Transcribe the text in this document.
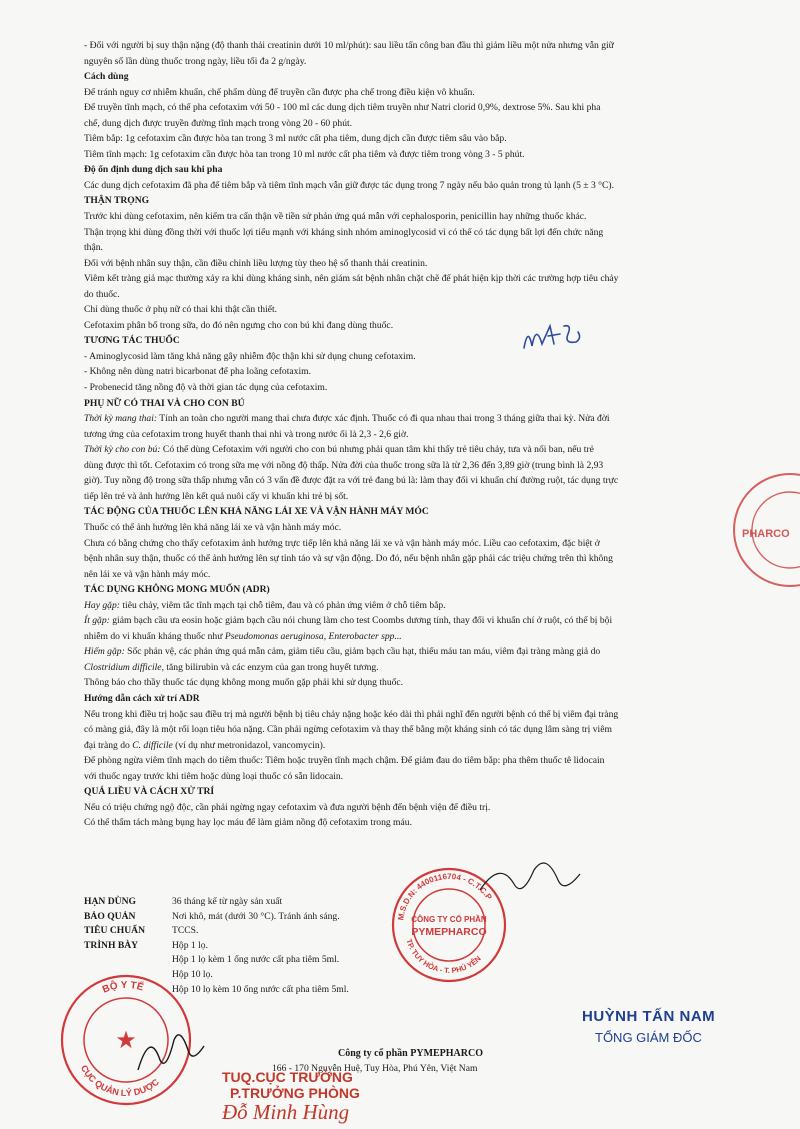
- Đối với người bị suy thận nặng (độ thanh thải creatinin dưới 10 ml/phút): sau liều tấn công ban đầu thì giảm liều một nửa nhưng vẫn giữ

nguyên số lần dùng thuốc trong ngày, liều tối đa 2 g/ngày.

Cách dùng

Để tránh nguy cơ nhiễm khuẩn, chế phẩm dùng để truyền cần được pha chế trong điều kiện vô khuẩn.

Để truyền tĩnh mạch, có thể pha cefotaxim với 50 - 100 ml các dung dịch tiêm truyền như Natri clorid 0,9%, dextrose 5%. Sau khi pha

chế, dung dịch được truyền đường tĩnh mạch trong vòng 20 - 60 phút.

Tiêm bắp: 1g cefotaxim cần được hòa tan trong 3 ml nước cất pha tiêm, dung dịch cần được tiêm sâu vào bắp.

Tiêm tĩnh mạch: 1g cefotaxim cần được hòa tan trong 10 ml nước cất pha tiêm và được tiêm trong vòng 3 - 5 phút.

Độ ổn định dung dịch sau khi pha

Các dung dịch cefotaxim đã pha để tiêm bắp và tiêm tĩnh mạch vẫn giữ được tác dụng trong 7 ngày nếu bảo quản trong tủ lạnh (5 ± 3 °C).

THẬN TRỌNG

Trước khi dùng cefotaxim, nên kiểm tra cẩn thận về tiền sử phản ứng quá mẫn với cephalosporin, penicillin hay những thuốc khác.

Thận trọng khi dùng đồng thời với thuốc lợi tiểu mạnh với kháng sinh nhóm aminoglycosid vì có thể có tác dụng bất lợi đến chức năng

thận.

Đối với bệnh nhân suy thận, cần điều chỉnh liều lượng tùy theo hệ số thanh thải creatinin.

Viêm kết tràng giả mạc thường xảy ra khi dùng kháng sinh, nên giám sát bệnh nhân chặt chẽ để phát hiện kịp thời các trường hợp tiêu chảy

do thuốc.

Chỉ dùng thuốc ở phụ nữ có thai khi thật cần thiết.

Cefotaxim phân bố trong sữa, do đó nên ngưng cho con bú khi đang dùng thuốc.

TƯƠNG TÁC THUỐC

- Aminoglycosid làm tăng khả năng gây nhiễm độc thận khi sử dụng chung cefotaxim.

- Không nên dùng natri bicarbonat để pha loãng cefotaxim.

- Probenecid tăng nồng độ và thời gian tác dụng của cefotaxim.

PHỤ NỮ CÓ THAI VÀ CHO CON BÚ

Thời kỳ mang thai: Tính an toàn cho người mang thai chưa được xác định. Thuốc có đi qua nhau thai trong 3 tháng giữa thai kỳ. Nửa đời

tương ứng của cefotaxim trong huyết thanh thai nhi và trong nước ối là 2,3 - 2,6 giờ.

Thời kỳ cho con bú: Có thể dùng Cefotaxim với người cho con bú nhưng phải quan tâm khi thấy trẻ tiêu chảy, tưa và nổi ban, nếu trẻ

dùng được thì tốt. Cefotaxim có trong sữa mẹ với nồng độ thấp. Nửa đời của thuốc trong sữa là từ 2,36 đến 3,89 giờ (trung bình là 2,93

giờ). Tuy nồng độ trong sữa thấp nhưng vẫn có 3 vấn đề được đặt ra với trẻ đang bú là: làm thay đổi vi khuẩn chí đường ruột, tác dụng trực

tiếp lên trẻ và ảnh hưởng lên kết quả nuôi cấy vi khuẩn khi trẻ bị sốt.

TÁC ĐỘNG CỦA THUỐC LÊN KHẢ NĂNG LÁI XE VÀ VẬN HÀNH MÁY MÓC

Thuốc có thể ảnh hưởng lên khả năng lái xe và vận hành máy móc.

Chưa có bằng chứng cho thấy cefotaxim ảnh hưởng trực tiếp lên khả năng lái xe và vận hành máy móc. Liều cao cefotaxim, đặc biệt ở

bệnh nhân suy thận, thuốc có thể ảnh hưởng lên sự tỉnh táo và sự vận động. Do đó, nếu bệnh nhân gặp phải các triệu chứng trên thì không

nên lái xe và vận hành máy móc.

TÁC DỤNG KHÔNG MONG MUỐN (ADR)

Hay gặp: tiêu chảy, viêm tắc tĩnh mạch tại chỗ tiêm, đau và có phản ứng viêm ở chỗ tiêm bắp.

Ít gặp: giảm bạch cầu ưa eosin hoặc giảm bạch cầu nói chung làm cho test Coombs dương tính, thay đổi vi khuẩn chí ở ruột, có thể bị bội

nhiễm do vi khuẩn kháng thuốc như Pseudomonas aeruginosa, Enterobacter spp...

Hiếm gặp: Sốc phản vệ, các phản ứng quá mẫn cảm, giảm tiểu cầu, giảm bạch cầu hạt, thiếu máu tan máu, viêm đại tràng màng giả do

Clostridium difficile, tăng bilirubin và các enzym của gan trong huyết tương.

Thông báo cho thầy thuốc tác dụng không mong muốn gặp phải khi sử dụng thuốc.

Hướng dẫn cách xử trí ADR

Nếu trong khi điều trị hoặc sau điều trị mà người bệnh bị tiêu chảy nặng hoặc kéo dài thì phải nghĩ đến người bệnh có thể bị viêm đại tràng

có màng giả, đây là một rối loạn tiêu hóa nặng. Cần phải ngừng cefotaxim và thay thế bằng một kháng sinh có tác dụng lâm sàng trị viêm

đại tràng do C. difficile (ví dụ như metronidazol, vancomycin).

Để phòng ngừa viêm tĩnh mạch do tiêm thuốc: Tiêm hoặc truyền tĩnh mạch chậm. Để giảm đau do tiêm bắp: pha thêm thuốc tê lidocain

với thuốc ngay trước khi tiêm hoặc dùng loại thuốc có sẵn lidocain.

QUÁ LIỀU VÀ CÁCH XỬ TRÍ

Nếu có triệu chứng ngộ độc, cần phải ngừng ngay cefotaxim và đưa người bệnh đến bệnh viện để điều trị.

Có thể thẩm tách màng bụng hay lọc máu để làm giảm nồng độ cefotaxim trong máu.

HẠN DÙNG	36 tháng kể từ ngày sản xuất
BẢO QUẢN	Nơi khô, mát (dưới 30 °C). Tránh ánh sáng.
TIÊU CHUẨN	TCCS.
TRÌNH BÀY	Hộp 1 lọ.
Hộp 1 lọ kèm 1 ống nước cất pha tiêm 5ml.
Hộp 10 lọ.
Hộp 10 lọ kèm 10 ống nước cất pha tiêm 5ml.
M.S.D.N: 4400116704 - C.T.C.P
TP. TUY HÒA - T. PHÚ YÊN
CÔNG TY CỔ PHẦN
PYMEPHARCO
PHARCO
BỘ Y TẾ
CỤC QUẢN LÝ DƯỢC
★
HUỲNH TẤN NAM
TỔNG GIÁM ĐỐC
Công ty cổ phần PYMEPHARCO
166 - 170 Nguyễn Huệ, Tuy Hòa, Phú Yên, Việt Nam
TUQ.CỤC TRƯỞNG
P.TRƯỞNG PHÒNG
Đỗ Minh Hùng
